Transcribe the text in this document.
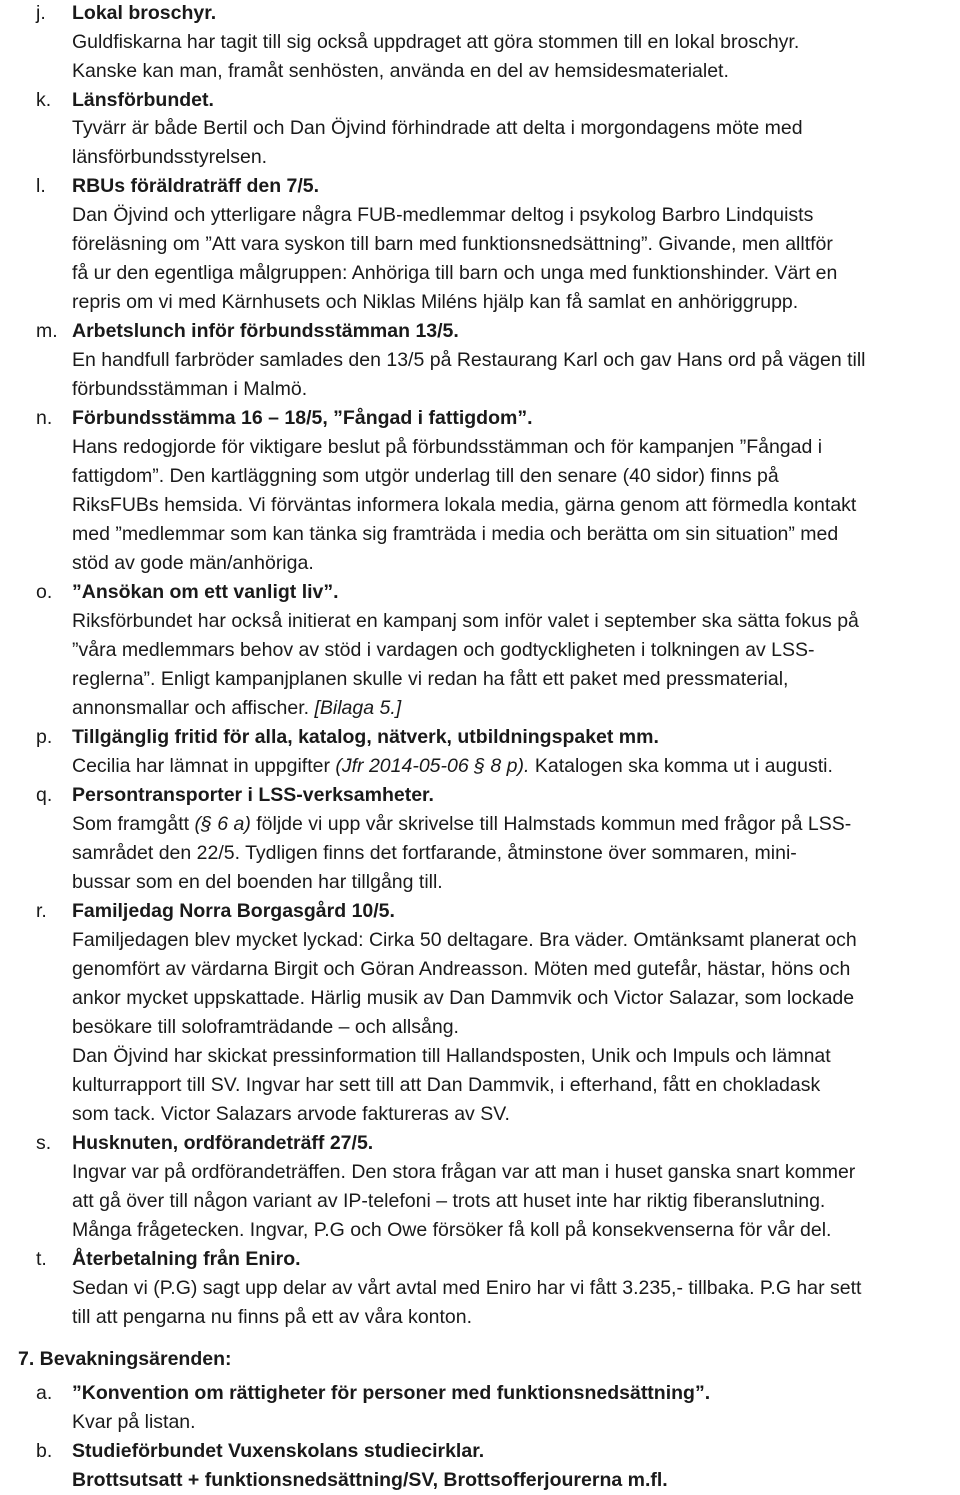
j. Lokal broschyr.
Guldfiskarna har tagit till sig också uppdraget att göra stommen till en lokal broschyr.
Kanske kan man, framåt senhösten, använda en del av hemsidesmaterialet.
k. Länsförbundet.
Tyvärr är både Bertil och Dan Öjvind förhindrade att delta i morgondagens möte med
länsförbundsstyrelsen.
l. RBUs föräldraträff den 7/5.
Dan Öjvind och ytterligare några FUB-medlemmar deltog i psykolog Barbro Lindquists
föreläsning om ”Att vara syskon till barn med funktionsnedsättning”. Givande, men alltför
få ur den egentliga målgruppen: Anhöriga till barn och unga med funktionshinder. Värt en
repris om vi med Kärnhusets och Niklas Miléns hjälp kan få samlat en anhöriggrupp.
m. Arbetslunch inför förbundsstämman 13/5.
En handfull farbröder samlades den 13/5 på Restaurang Karl och gav Hans ord på vägen till
förbundsstämman i Malmö.
n. Förbundsstämma 16 – 18/5, ”Fångad i fattigdom”.
Hans redogjorde för viktigare beslut på förbundsstämman och för kampanjen ”Fångad i
fattigdom”. Den kartläggning som utgör underlag till den senare (40 sidor) finns på
RiksFUBs hemsida. Vi förväntas informera lokala media, gärna genom att förmedla kontakt
med ”medlemmar som kan tänka sig framträda i media och berätta om sin situation” med
stöd av gode män/anhöriga.
o. ”Ansökan om ett vanligt liv”.
Riksförbundet har också initierat en kampanj som inför valet i september ska sätta fokus på
”våra medlemmars behov av stöd i vardagen och godtyckligheten i tolkningen av LSS-
reglerna”. Enligt kampanjplanen skulle vi redan ha fått ett paket med pressmaterial,
annonsmallar och affischer. [Bilaga 5.]
p. Tillgänglig fritid för alla, katalog, nätverk, utbildningspaket mm.
Cecilia har lämnat in uppgifter (Jfr 2014-05-06 § 8 p). Katalogen ska komma ut i augusti.
q. Persontransporter i LSS-verksamheter.
Som framgått (§ 6 a) följde vi upp vår skrivelse till Halmstads kommun med frågor på LSS-
samrådet den 22/5. Tydligen finns det fortfarande, åtminstone över sommaren, mini-
bussar som en del boenden har tillgång till.
r. Familjedag Norra Borgasgård 10/5.
Familjedagen blev mycket lyckad: Cirka 50 deltagare. Bra väder. Omtänksamt planerat och
genomfört av värdarna Birgit och Göran Andreasson. Möten med gutefår, hästar, höns och
ankor mycket uppskattade. Härlig musik av Dan Dammvik och Victor Salazar, som lockade
besökare till soloframträdande – och allsång.
Dan Öjvind har skickat pressinformation till Hallandsposten, Unik och Impuls och lämnat
kulturrapport till SV. Ingvar har sett till att Dan Dammvik, i efterhand, fått en chokladask
som tack. Victor Salazars arvode faktureras av SV.
s. Husknuten, ordförandeträff 27/5.
Ingvar var på ordförandeträffen. Den stora frågan var att man i huset ganska snart kommer
att gå över till någon variant av IP-telefoni – trots att huset inte har riktig fiberanslutning.
Många frågetecken. Ingvar, P.G och Owe försöker få koll på konsekvenserna för vår del.
t. Återbetalning från Eniro.
Sedan vi (P.G) sagt upp delar av vårt avtal med Eniro har vi fått 3.235,- tillbaka. P.G har sett
till att pengarna nu finns på ett av våra konton.
7. Bevakningsärenden:
a. ”Konvention om rättigheter för personer med funktionsnedsättning”.
Kvar på listan.
b. Studieförbundet Vuxenskolans studiecirklar.
Brottsutsatt + funktionsnedsättning/SV, Brottsofferjourerna m.fl.
